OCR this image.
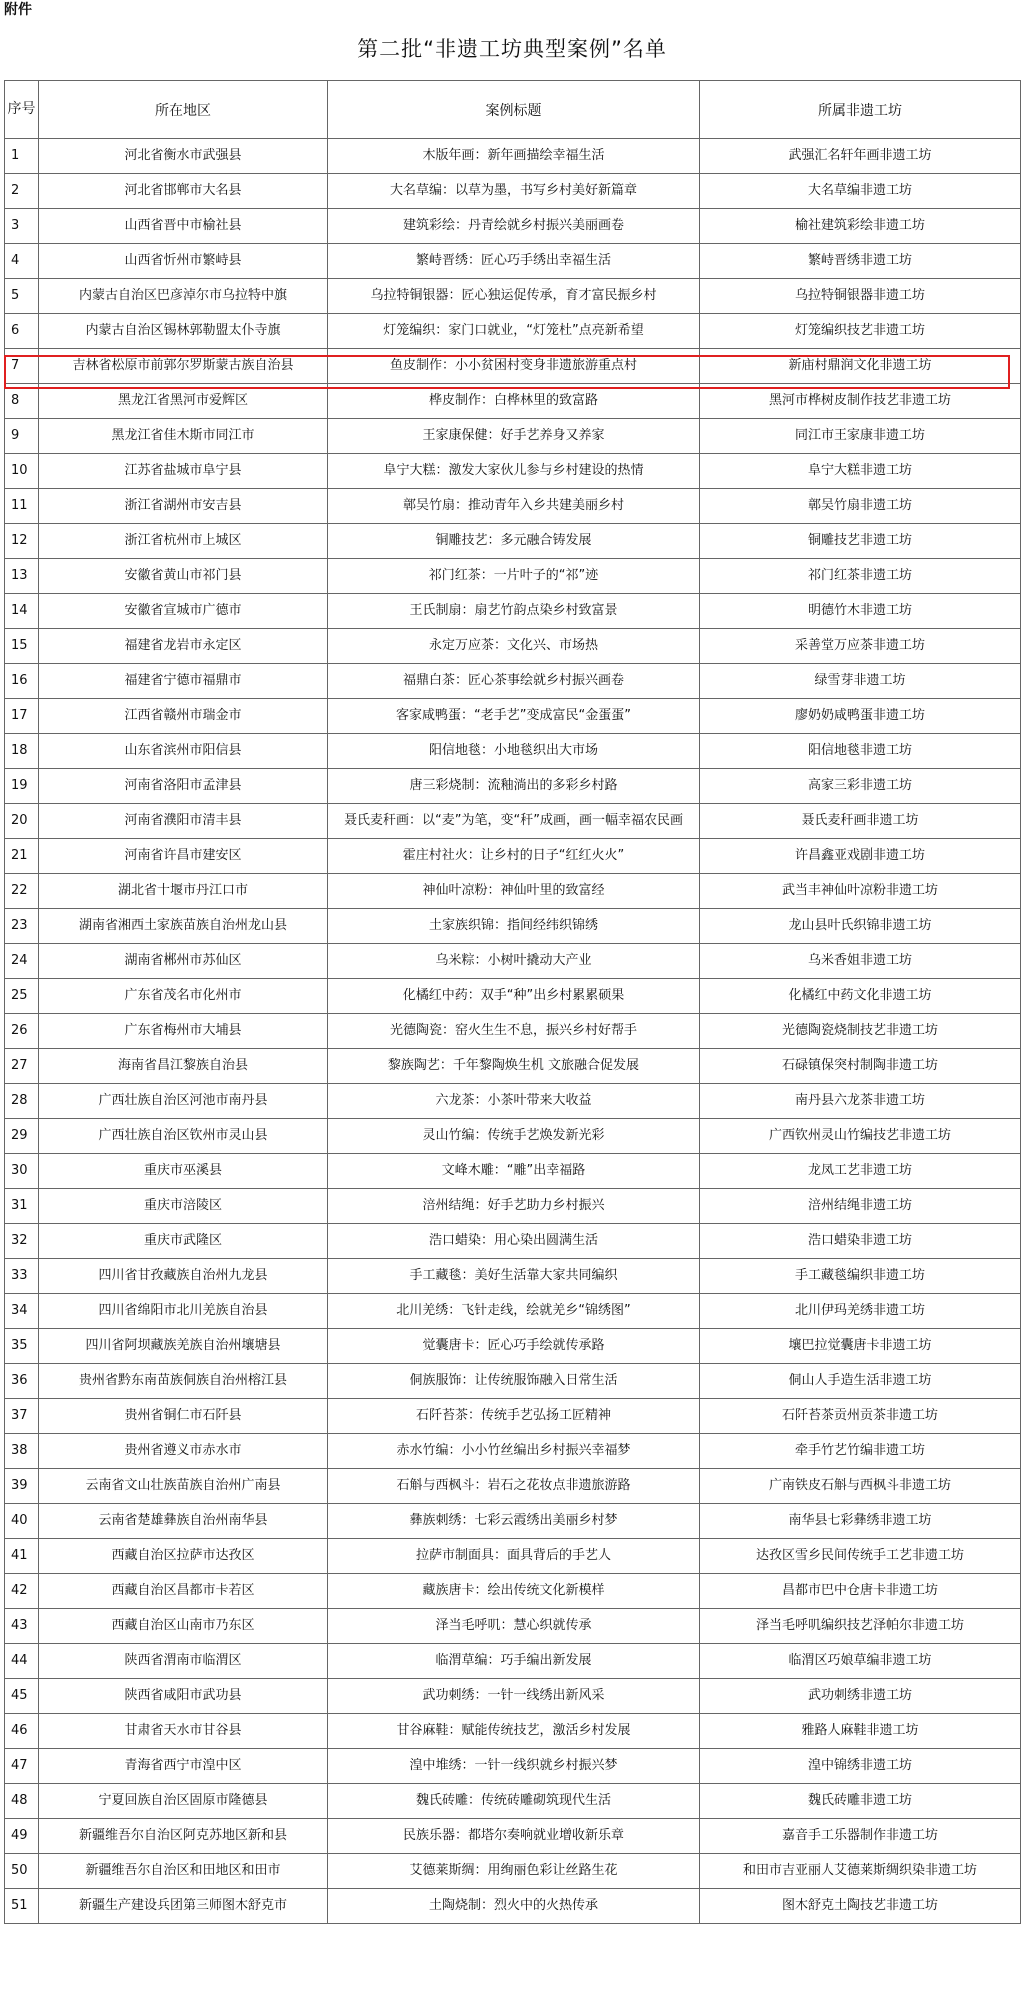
附件
第二批“非遗工坊典型案例”名单
序号	所在地区	案例标题	所属非遗工坊
1	河北省衡水市武强县	木版年画：新年画描绘幸福生活	武强汇名轩年画非遗工坊
2	河北省邯郸市大名县	大名草编：以草为墨，书写乡村美好新篇章	大名草编非遗工坊
3	山西省晋中市榆社县	建筑彩绘：丹青绘就乡村振兴美丽画卷	榆社建筑彩绘非遗工坊
4	山西省忻州市繁峙县	繁峙晋绣：匠心巧手绣出幸福生活	繁峙晋绣非遗工坊
5	内蒙古自治区巴彦淖尔市乌拉特中旗	乌拉特铜银器：匠心独运促传承，育才富民振乡村	乌拉特铜银器非遗工坊
6	内蒙古自治区锡林郭勒盟太仆寺旗	灯笼编织：家门口就业，“灯笼杜”点亮新希望	灯笼编织技艺非遗工坊
7	吉林省松原市前郭尔罗斯蒙古族自治县	鱼皮制作：小小贫困村变身非遗旅游重点村	新庙村鼎润文化非遗工坊
8	黑龙江省黑河市爱辉区	桦皮制作：白桦林里的致富路	黑河市桦树皮制作技艺非遗工坊
9	黑龙江省佳木斯市同江市	王家康保健：好手艺养身又养家	同江市王家康非遗工坊
10	江苏省盐城市阜宁县	阜宁大糕：激发大家伙儿参与乡村建设的热情	阜宁大糕非遗工坊
11	浙江省湖州市安吉县	鄣吴竹扇：推动青年入乡共建美丽乡村	鄣吴竹扇非遗工坊
12	浙江省杭州市上城区	铜雕技艺：多元融合铸发展	铜雕技艺非遗工坊
13	安徽省黄山市祁门县	祁门红茶：一片叶子的“祁”迹	祁门红茶非遗工坊
14	安徽省宣城市广德市	王氏制扇：扇艺竹韵点染乡村致富景	明德竹木非遗工坊
15	福建省龙岩市永定区	永定万应茶：文化兴、市场热	采善堂万应茶非遗工坊
16	福建省宁德市福鼎市	福鼎白茶：匠心茶事绘就乡村振兴画卷	绿雪芽非遗工坊
17	江西省赣州市瑞金市	客家咸鸭蛋：“老手艺”变成富民“金蛋蛋”	廖奶奶咸鸭蛋非遗工坊
18	山东省滨州市阳信县	阳信地毯：小地毯织出大市场	阳信地毯非遗工坊
19	河南省洛阳市孟津县	唐三彩烧制：流釉淌出的多彩乡村路	高家三彩非遗工坊
20	河南省濮阳市清丰县	聂氏麦秆画：以“麦”为笔，变“秆”成画，画一幅幸福农民画	聂氏麦秆画非遗工坊
21	河南省许昌市建安区	霍庄村社火：让乡村的日子“红红火火”	许昌鑫亚戏剧非遗工坊
22	湖北省十堰市丹江口市	神仙叶凉粉：神仙叶里的致富经	武当丰神仙叶凉粉非遗工坊
23	湖南省湘西土家族苗族自治州龙山县	土家族织锦：指间经纬织锦绣	龙山县叶氏织锦非遗工坊
24	湖南省郴州市苏仙区	乌米粽：小树叶撬动大产业	乌米香姐非遗工坊
25	广东省茂名市化州市	化橘红中药：双手“种”出乡村累累硕果	化橘红中药文化非遗工坊
26	广东省梅州市大埔县	光德陶瓷：窑火生生不息，振兴乡村好帮手	光德陶瓷烧制技艺非遗工坊
27	海南省昌江黎族自治县	黎族陶艺：千年黎陶焕生机 文旅融合促发展	石碌镇保突村制陶非遗工坊
28	广西壮族自治区河池市南丹县	六龙茶：小茶叶带来大收益	南丹县六龙茶非遗工坊
29	广西壮族自治区钦州市灵山县	灵山竹编：传统手艺焕发新光彩	广西钦州灵山竹编技艺非遗工坊
30	重庆市巫溪县	文峰木雕：“雕”出幸福路	龙凤工艺非遗工坊
31	重庆市涪陵区	涪州结绳：好手艺助力乡村振兴	涪州结绳非遗工坊
32	重庆市武隆区	浩口蜡染：用心染出圆满生活	浩口蜡染非遗工坊
33	四川省甘孜藏族自治州九龙县	手工藏毯：美好生活靠大家共同编织	手工藏毯编织非遗工坊
34	四川省绵阳市北川羌族自治县	北川羌绣：飞针走线，绘就羌乡“锦绣图”	北川伊玛羌绣非遗工坊
35	四川省阿坝藏族羌族自治州壤塘县	觉囊唐卡：匠心巧手绘就传承路	壤巴拉觉囊唐卡非遗工坊
36	贵州省黔东南苗族侗族自治州榕江县	侗族服饰：让传统服饰融入日常生活	侗山人手造生活非遗工坊
37	贵州省铜仁市石阡县	石阡苔茶：传统手艺弘扬工匠精神	石阡苔茶贡州贡茶非遗工坊
38	贵州省遵义市赤水市	赤水竹编：小小竹丝编出乡村振兴幸福梦	牵手竹艺竹编非遗工坊
39	云南省文山壮族苗族自治州广南县	石斛与西枫斗：岩石之花妆点非遗旅游路	广南铁皮石斛与西枫斗非遗工坊
40	云南省楚雄彝族自治州南华县	彝族刺绣：七彩云霞绣出美丽乡村梦	南华县七彩彝绣非遗工坊
41	西藏自治区拉萨市达孜区	拉萨市制面具：面具背后的手艺人	达孜区雪乡民间传统手工艺非遗工坊
42	西藏自治区昌都市卡若区	藏族唐卡：绘出传统文化新模样	昌都市巴中仓唐卡非遗工坊
43	西藏自治区山南市乃东区	泽当毛呼叽：慧心织就传承	泽当毛呼叽编织技艺泽帕尔非遗工坊
44	陕西省渭南市临渭区	临渭草编：巧手编出新发展	临渭区巧娘草编非遗工坊
45	陕西省咸阳市武功县	武功刺绣：一针一线绣出新风采	武功刺绣非遗工坊
46	甘肃省天水市甘谷县	甘谷麻鞋：赋能传统技艺，激活乡村发展	雅路人麻鞋非遗工坊
47	青海省西宁市湟中区	湟中堆绣：一针一线织就乡村振兴梦	湟中锦绣非遗工坊
48	宁夏回族自治区固原市隆德县	魏氏砖雕：传统砖雕砌筑现代生活	魏氏砖雕非遗工坊
49	新疆维吾尔自治区阿克苏地区新和县	民族乐器：都塔尔奏响就业增收新乐章	嘉音手工乐器制作非遗工坊
50	新疆维吾尔自治区和田地区和田市	艾德莱斯绸：用绚丽色彩让丝路生花	和田市吉亚丽人艾德莱斯绸织染非遗工坊
51	新疆生产建设兵团第三师图木舒克市	土陶烧制：烈火中的火热传承	图木舒克土陶技艺非遗工坊
